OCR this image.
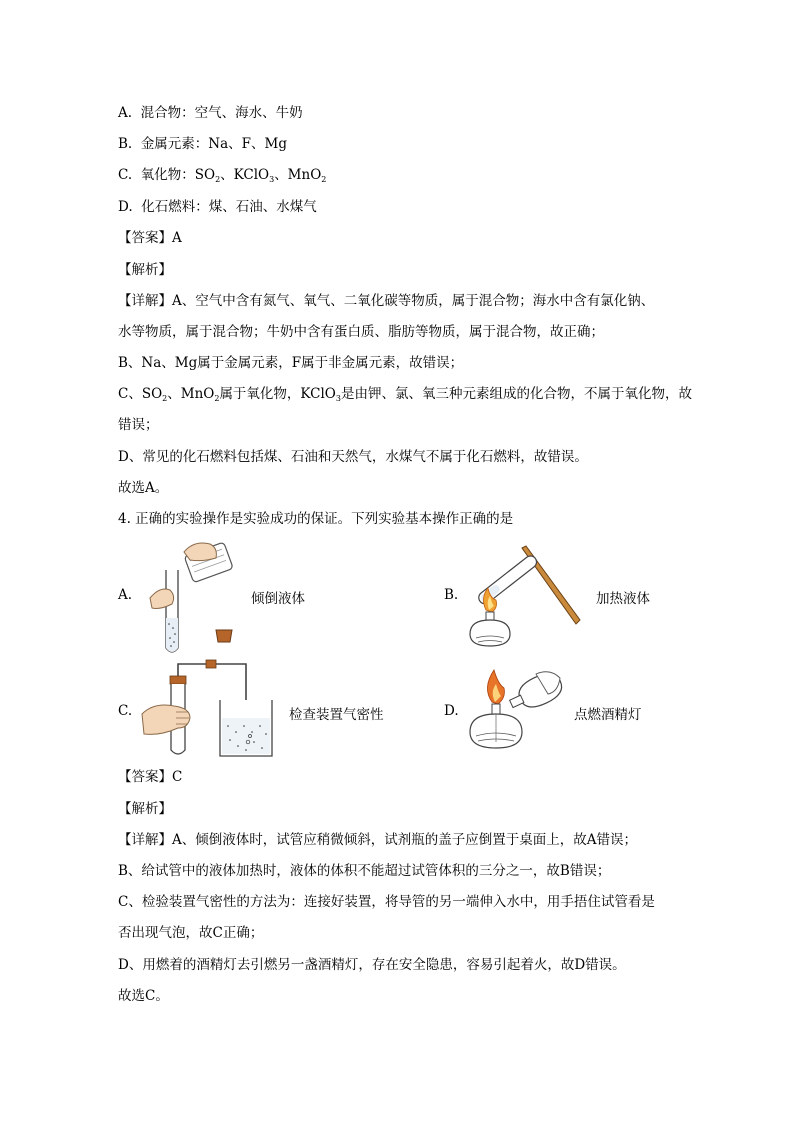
A. 混合物：空气、海水、牛奶
B. 金属元素：Na、F、Mg
C. 氧化物：$SO_2$、KClO$_3$、MnO$_2$
D. 化石燃料：煤、石油、水煤气
【答案】A
【解析】
【详解】A、空气中含有氮气、氧气、二氧化碳等物质，属于混合物；海水中含有氯化钠、
水等物质，属于混合物；牛奶中含有蛋白质、脂肪等物质，属于混合物，故正确；
B、Na、Mg属于金属元素，F属于非金属元素，故错误；
C、$SO_2$、MnO$_2$属于氧化物，KClO$_3$是由钾、氯、氧三种元素组成的化合物，不属于氧化物，故
错误；
D、常见的化石燃料包括煤、石油和天然气，水煤气不属于化石燃料，故错误。
故选A。
4. 正确的实验操作是实验成功的保证。下列实验基本操作正确的是
A.	倾倒液体	B.	加热液体
C.	检查装置气密性	D.	点燃酒精灯
【答案】C
【解析】
【详解】A、倾倒液体时，试管应稍微倾斜，试剂瓶的盖子应倒置于桌面上，故A错误；
B、给试管中的液体加热时，液体的体积不能超过试管体积的三分之一，故B错误；
C、检验装置气密性的方法为：连接好装置，将导管的另一端伸入水中，用手捂住试管看是
否出现气泡，故C正确；
D、用燃着的酒精灯去引燃另一盏酒精灯，存在安全隐患，容易引起着火，故D错误。
故选C。
